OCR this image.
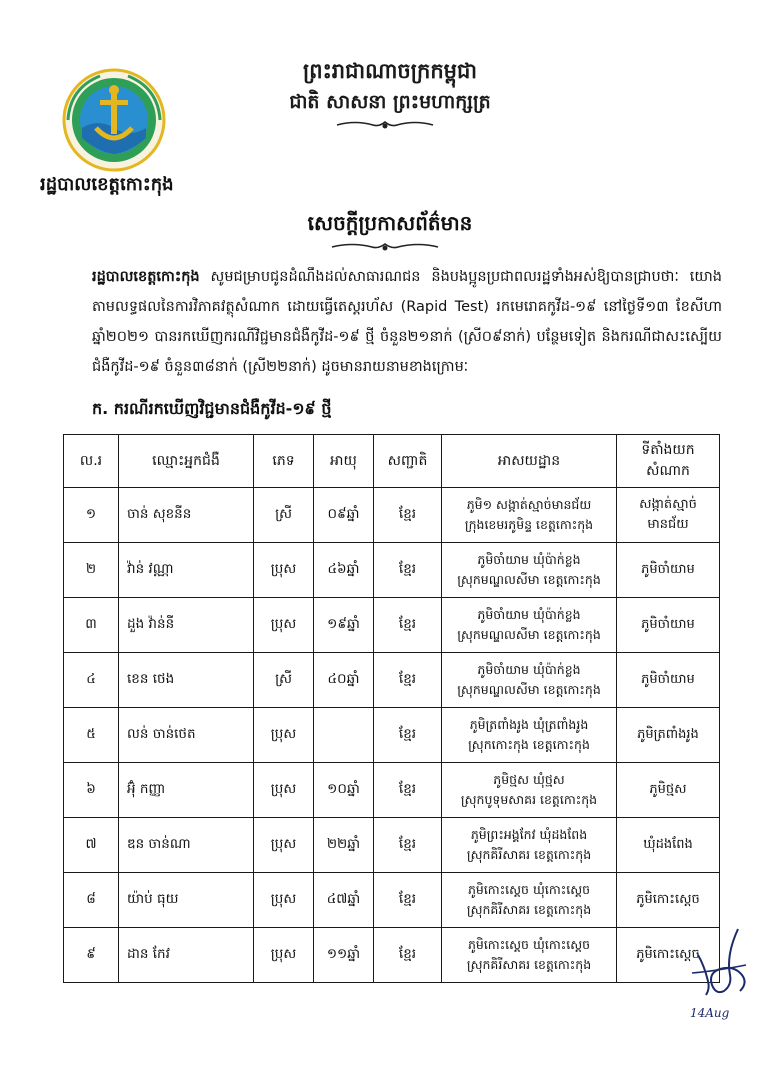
ព្រះរាជាណាចក្រកម្ពុជា
ជាតិ សាសនា ព្រះមហាក្សត្រ
រដ្ឋបាលខេត្តកោះកុង
សេចក្តីប្រកាសព័ត៌មាន
រដ្ឋបាលខេត្តកោះកុង សូមជម្រាបជូនដំណឹងដល់សាធារណជន និងបងប្អូនប្រជាពលរដ្ឋទាំងអស់ឱ្យបានជ្រាបថាៈ យោងតាមលទ្ធផលនៃការវិភាគវត្ថុសំណាក ដោយធ្វើតេស្តរហ័ស (Rapid Test) រកមេរោគកូវីដ-១៩ នៅថ្ងៃទី១៣ ខែសីហា ឆ្នាំ២០២១ បានរកឃើញករណីវិជ្ជមានជំងឺកូវីដ-១៩ ថ្មី ចំនួន២១នាក់ (ស្រី០៩នាក់) បន្ថែមទៀត និងករណីជាសះស្បើយជំងឺកូវីដ-១៩ ចំនួន៣៨នាក់ (ស្រី២២នាក់) ដូចមានរាយនាមខាងក្រោមៈ
ក. ករណីរកឃើញវិជ្ជមានជំងឺកូវីដ-១៩ ថ្មី
ល.រ	ឈ្មោះអ្នកជំងឺ	ភេទ	អាយុ	សញ្ជាតិ	អាសយដ្ឋាន	ទីតាំងយកសំណាក
១	ចាន់ សុខនីន	ស្រី	០៩ឆ្នាំ	ខ្មែរ	ភូមិ១ សង្កាត់ស្មាច់មានជ័យ
ក្រុងខេមរភូមិន្ទ ខេត្តកោះកុង	សង្កាត់ស្មាច់មានជ័យ
២	វ៉ាន់ វណ្ណា	ប្រុស	៤៦ឆ្នាំ	ខ្មែរ	ភូមិចាំយាម ឃុំប៉ាក់ខ្លង
ស្រុកមណ្ឌលសីមា ខេត្តកោះកុង	ភូមិចាំយាម
៣	ដួង វ៉ាន់នី	ប្រុស	១៩ឆ្នាំ	ខ្មែរ	ភូមិចាំយាម ឃុំប៉ាក់ខ្លង
ស្រុកមណ្ឌលសីមា ខេត្តកោះកុង	ភូមិចាំយាម
៤	ខេន ថេង	ស្រី	៤០ឆ្នាំ	ខ្មែរ	ភូមិចាំយាម ឃុំប៉ាក់ខ្លង
ស្រុកមណ្ឌលសីមា ខេត្តកោះកុង	ភូមិចាំយាម
៥	លន់ ចាន់ថេត	ប្រុស		ខ្មែរ	ភូមិត្រពាំងរូង ឃុំត្រពាំងរូង
ស្រុកកោះកុង ខេត្តកោះកុង	ភូមិត្រពាំងរូង
៦	អ៊ុំ កញ្ញា	ប្រុស	១០ឆ្នាំ	ខ្មែរ	ភូមិថ្មស ឃុំថ្មស
ស្រុកបូទុមសាគរ ខេត្តកោះកុង	ភូមិថ្មស
៧	ឌន ចាន់ណា	ប្រុស	២២ឆ្នាំ	ខ្មែរ	ភូមិព្រះអង្គកែវ ឃុំដងពែង
ស្រុកគិរីសាគរ ខេត្តកោះកុង	ឃុំដងពែង
៨	យ៉ាប់ ធុយ	ប្រុស	៤៧ឆ្នាំ	ខ្មែរ	ភូមិកោះស្តេច ឃុំកោះស្តេច
ស្រុកគិរីសាគរ ខេត្តកោះកុង	ភូមិកោះស្តេច
៩	ដាន កែវ	ប្រុស	១១ឆ្នាំ	ខ្មែរ	ភូមិកោះស្តេច ឃុំកោះស្តេច
ស្រុកគិរីសាគរ ខេត្តកោះកុង	ភូមិកោះស្តេច
14Aug
